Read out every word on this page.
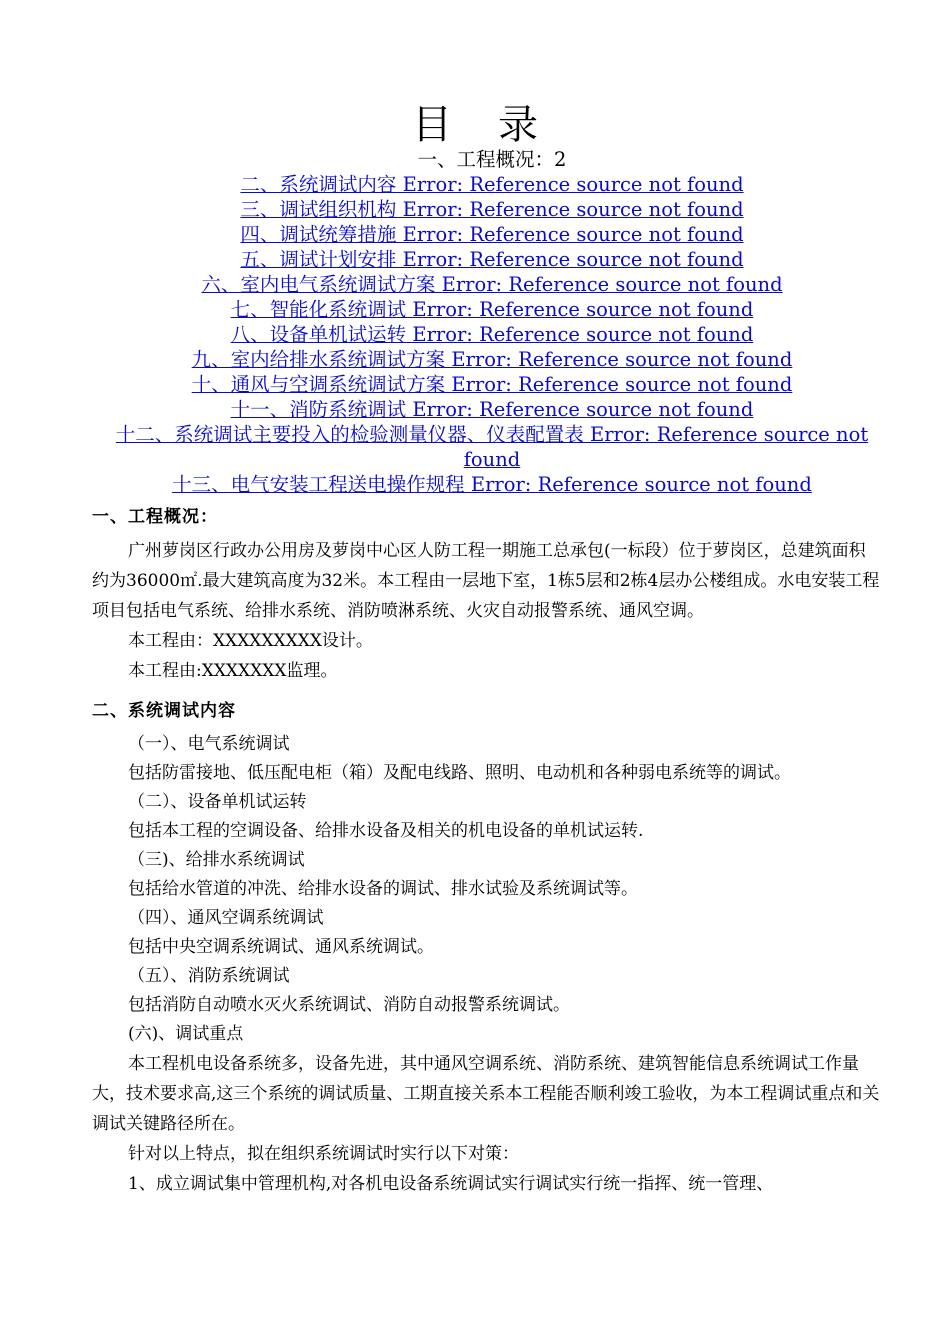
目录
一、工程概况：2
二、系统调试内容 Error: Reference source not found
三、调试组织机构 Error: Reference source not found
四、调试统筹措施 Error: Reference source not found
五、调试计划安排 Error: Reference source not found
六、室内电气系统调试方案 Error: Reference source not found
七、智能化系统调试 Error: Reference source not found
八、设备单机试运转 Error: Reference source not found
九、室内给排水系统调试方案 Error: Reference source not found
十、通风与空调系统调试方案 Error: Reference source not found
十一、消防系统调试 Error: Reference source not found
十二、系统调试主要投入的检验测量仪器、仪表配置表 Error: Reference source not found
十三、电气安装工程送电操作规程 Error: Reference source not found

一、工程概况：

广州萝岗区行政办公用房及萝岗中心区人防工程一期施工总承包(一标段）位于萝岗区，总建筑面积约为36000㎡.最大建筑高度为32米。本工程由一层地下室，1栋5层和2栋4层办公楼组成。水电安装工程项目包括电气系统、给排水系统、消防喷淋系统、火灾自动报警系统、通风空调。

本工程由：XXXXXXXXX设计。

本工程由:XXXXXXX监理。

二、系统调试内容

（一）、电气系统调试

包括防雷接地、低压配电柜（箱）及配电线路、照明、电动机和各种弱电系统等的调试。

（二）、设备单机试运转

包括本工程的空调设备、给排水设备及相关的机电设备的单机试运转.

（三)、给排水系统调试

包括给水管道的冲洗、给排水设备的调试、排水试验及系统调试等。

（四）、通风空调系统调试

包括中央空调系统调试、通风系统调试。

（五）、消防系统调试

包括消防自动喷水灭火系统调试、消防自动报警系统调试。

(六)、调试重点

本工程机电设备系统多，设备先进，其中通风空调系统、消防系统、建筑智能信息系统调试工作量大，技术要求高,这三个系统的调试质量、工期直接关系本工程能否顺利竣工验收，为本工程调试重点和关调试关键路径所在。

针对以上特点，拟在组织系统调试时实行以下对策：

1、成立调试集中管理机构,对各机电设备系统调试实行调试实行统一指挥、统一管理、
